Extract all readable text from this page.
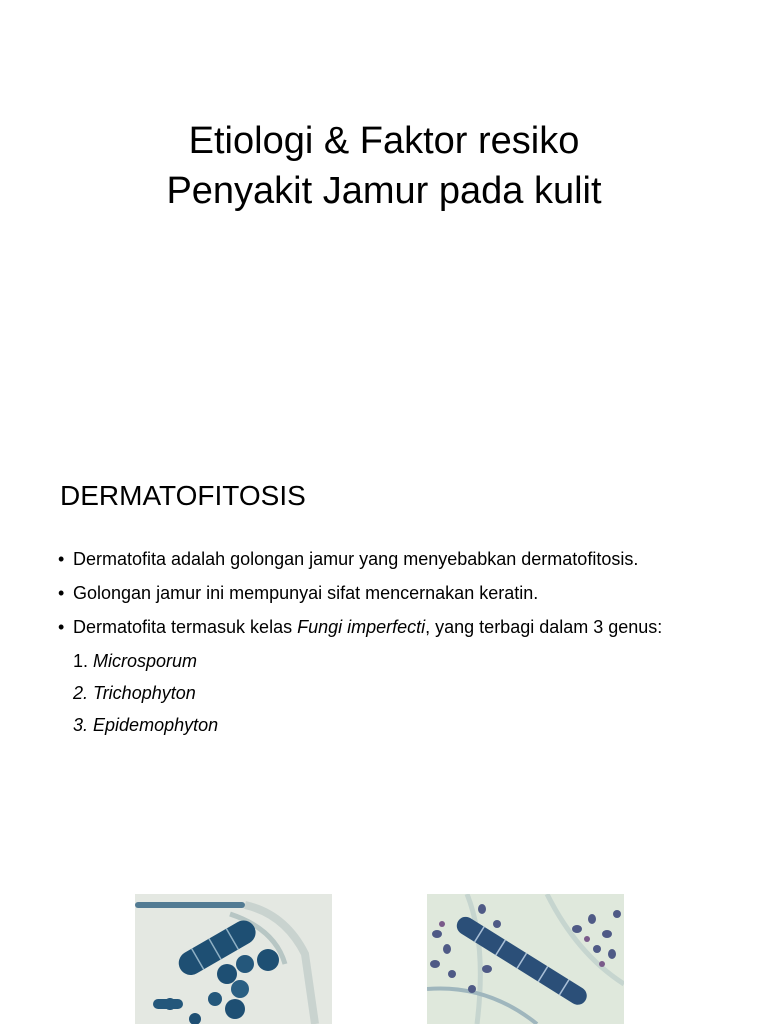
Etiologi & Faktor resiko
Penyakit Jamur pada kulit
DERMATOFITOSIS
• Dermatofita adalah golongan jamur yang menyebabkan dermatofitosis.
• Golongan jamur ini mempunyai sifat mencernakan keratin.
• Dermatofita termasuk kelas Fungi imperfecti, yang terbagi dalam 3 genus:
1. Microsporum
2. Trichophyton
3. Epidemophyton
